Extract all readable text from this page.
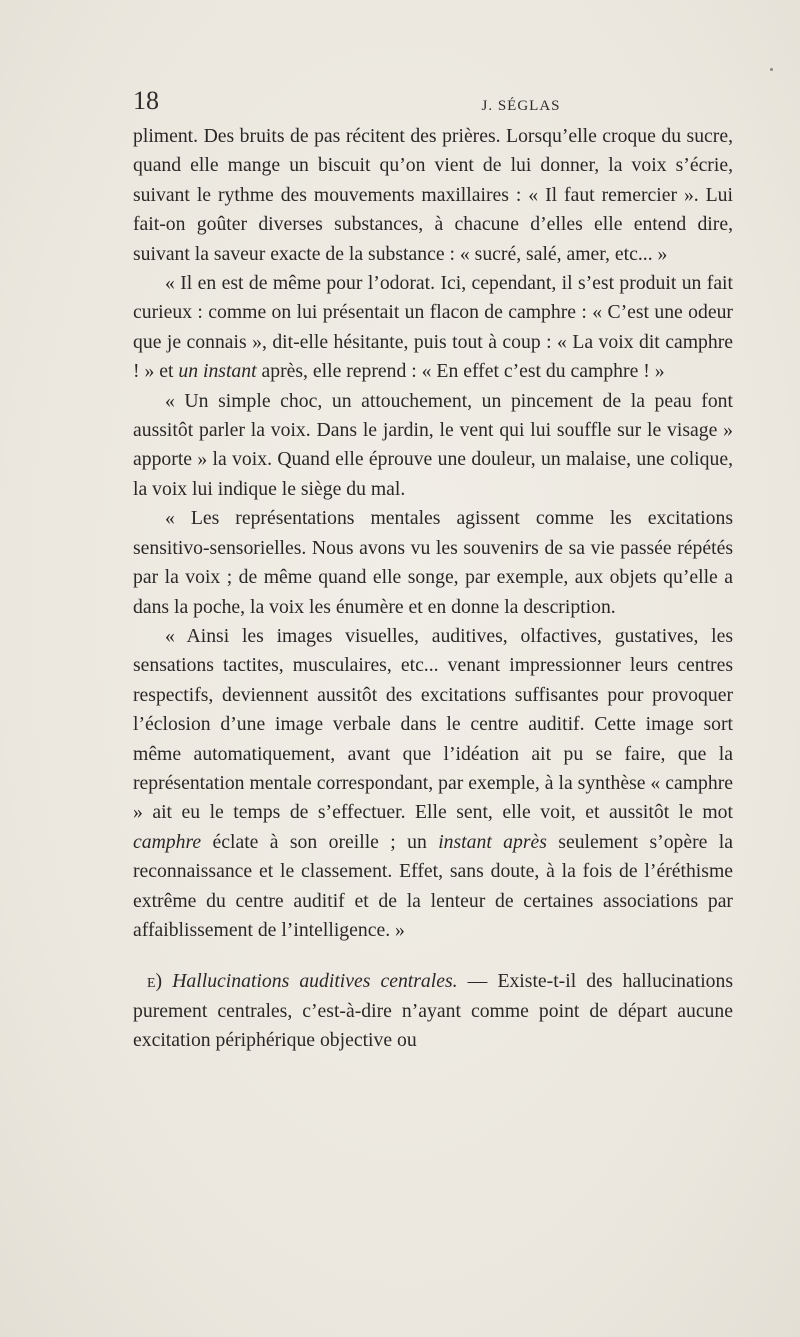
18	J. SÉGLAS

pliment. Des bruits de pas récitent des prières. Lorsqu’elle croque du sucre, quand elle mange un biscuit qu’on vient de lui donner, la voix s’écrie, suivant le rythme des mouvements maxillaires : « Il faut remercier ». Lui fait-on goûter diverses substances, à chacune d’elles elle entend dire, suivant la saveur exacte de la substance : « sucré, salé, amer, etc... »

« Il en est de même pour l’odorat. Ici, cependant, il s’est produit un fait curieux : comme on lui présentait un flacon de camphre : « C’est une odeur que je connais », dit-elle hésitante, puis tout à coup : « La voix dit camphre ! » et un instant après, elle reprend : « En effet c’est du camphre ! »

« Un simple choc, un attouchement, un pincement de la peau font aussitôt parler la voix. Dans le jardin, le vent qui lui souffle sur le visage » apporte » la voix. Quand elle éprouve une douleur, un malaise, une colique, la voix lui indique le siège du mal.

« Les représentations mentales agissent comme les excitations sensitivo-sensorielles. Nous avons vu les souvenirs de sa vie passée répétés par la voix ; de même quand elle songe, par exemple, aux objets qu’elle a dans la poche, la voix les énumère et en donne la description.

« Ainsi les images visuelles, auditives, olfactives, gustatives, les sensations tactites, musculaires, etc... venant impressionner leurs centres respectifs, deviennent aussitôt des excitations suffisantes pour provoquer l’éclosion d’une image verbale dans le centre auditif. Cette image sort même automatiquement, avant que l’idéation ait pu se faire, que la représentation mentale correspondant, par exemple, à la synthèse « camphre » ait eu le temps de s’effectuer. Elle sent, elle voit, et aussitôt le mot camphre éclate à son oreille ; un instant après seulement s’opère la reconnaissance et le classement. Effet, sans doute, à la fois de l’éréthisme extrême du centre auditif et de la lenteur de certaines associations par affaiblissement de l’intelligence. »

e) Hallucinations auditives centrales. — Existe-t-il des hallucinations purement centrales, c’est-à-dire n’ayant comme point de départ aucune excitation périphérique objective ou
